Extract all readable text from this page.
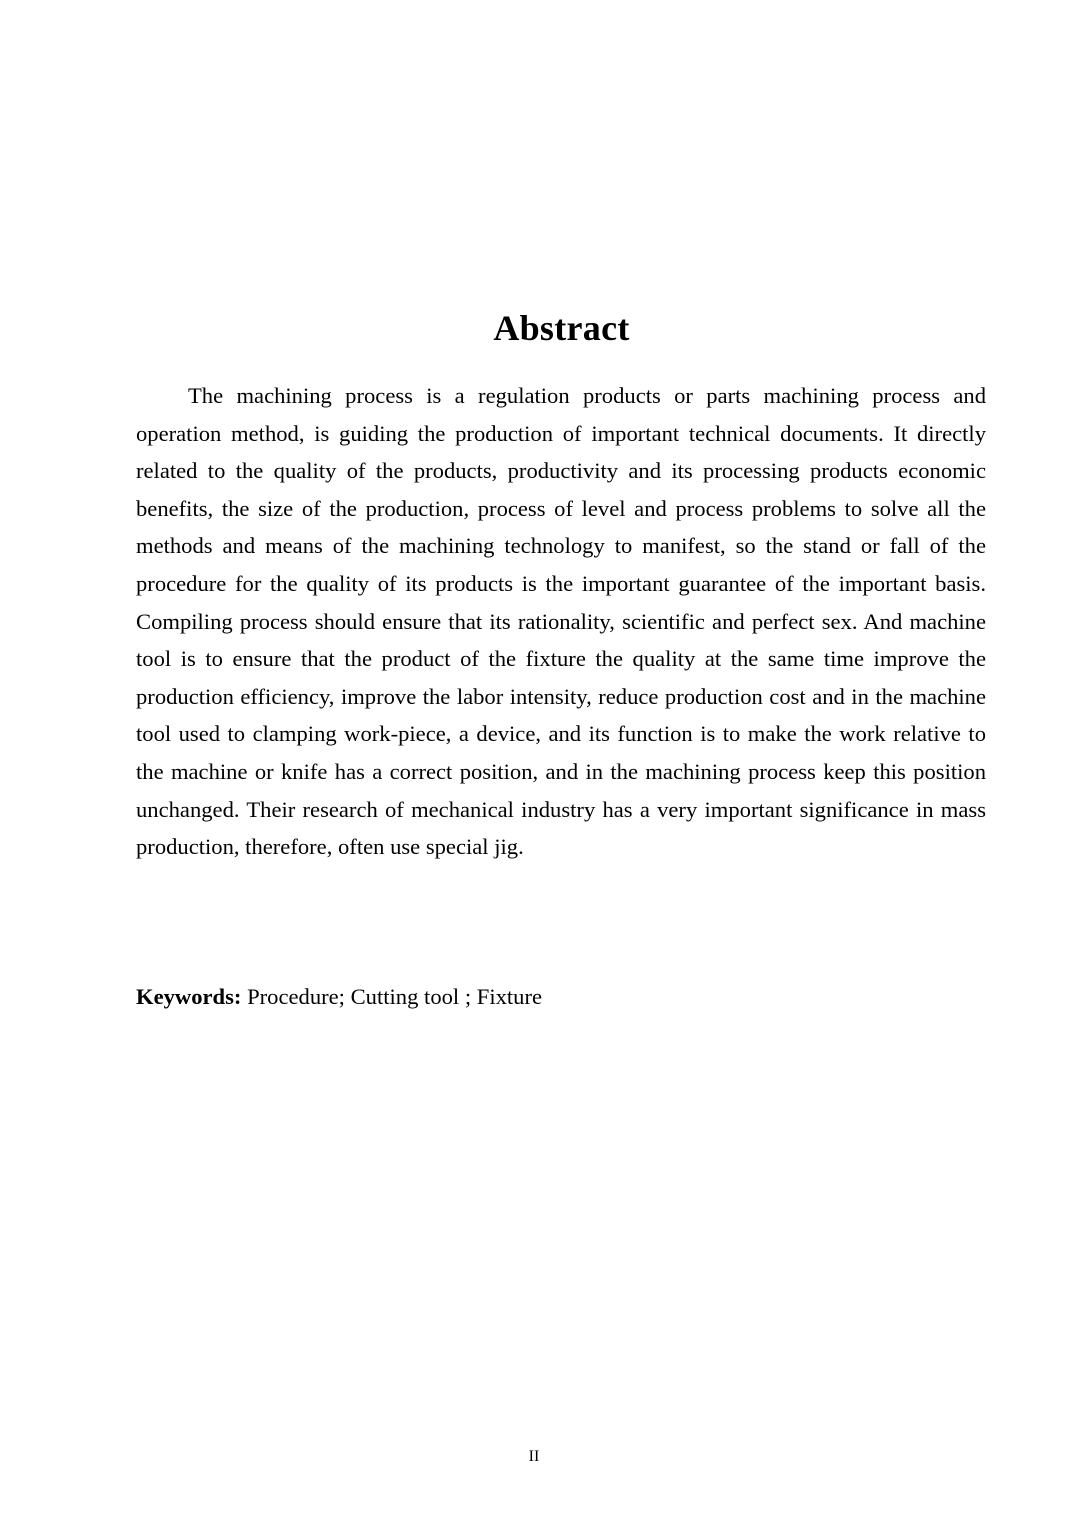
Abstract

The machining process is a regulation products or parts machining process and operation method, is guiding the production of important technical documents. It directly related to the quality of the products, productivity and its processing products economic benefits, the size of the production, process of level and process problems to solve all the methods and means of the machining technology to manifest, so the stand or fall of the procedure for the quality of its products is the important guarantee of the important basis. Compiling process should ensure that its rationality, scientific and perfect sex. And machine tool is to ensure that the product of the fixture the quality at the same time improve the production efficiency, improve the labor intensity, reduce production cost and in the machine tool used to clamping work-piece, a device, and its function is to make the work relative to the machine or knife has a correct position, and in the machining process keep this position unchanged. Their research of mechanical industry has a very important significance in mass production, therefore, often use special jig.

Keywords: Procedure; Cutting tool ; Fixture

II
